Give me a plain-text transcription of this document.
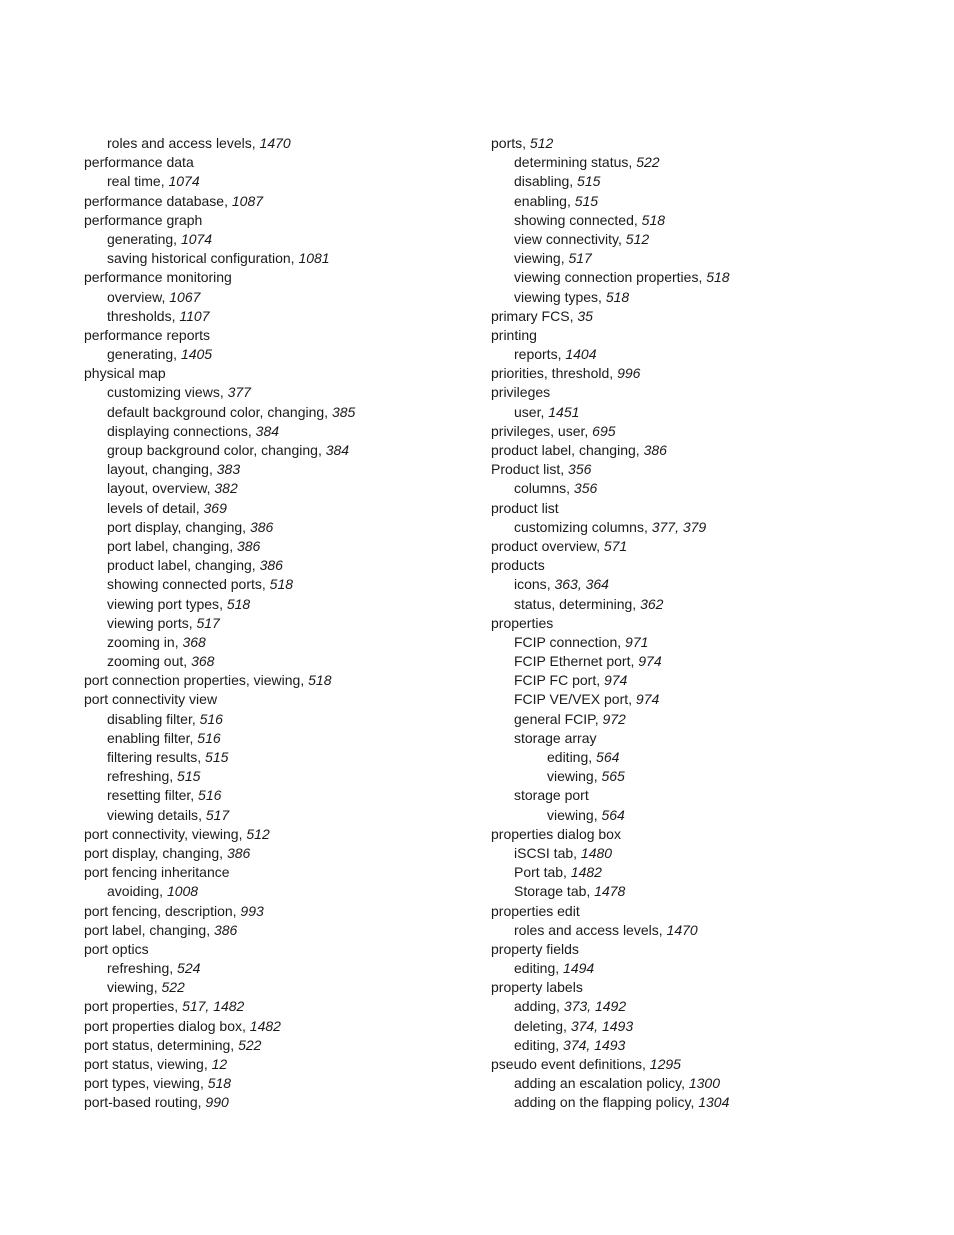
roles and access levels, 1470
performance data
real time, 1074
performance database, 1087
performance graph
generating, 1074
saving historical configuration, 1081
performance monitoring
overview, 1067
thresholds, 1107
performance reports
generating, 1405
physical map
customizing views, 377
default background color, changing, 385
displaying connections, 384
group background color, changing, 384
layout, changing, 383
layout, overview, 382
levels of detail, 369
port display, changing, 386
port label, changing, 386
product label, changing, 386
showing connected ports, 518
viewing port types, 518
viewing ports, 517
zooming in, 368
zooming out, 368
port connection properties, viewing, 518
port connectivity view
disabling filter, 516
enabling filter, 516
filtering results, 515
refreshing, 515
resetting filter, 516
viewing details, 517
port connectivity, viewing, 512
port display, changing, 386
port fencing inheritance
avoiding, 1008
port fencing, description, 993
port label, changing, 386
port optics
refreshing, 524
viewing, 522
port properties, 517, 1482
port properties dialog box, 1482
port status, determining, 522
port status, viewing, 12
port types, viewing, 518
port-based routing, 990
ports, 512
determining status, 522
disabling, 515
enabling, 515
showing connected, 518
view connectivity, 512
viewing, 517
viewing connection properties, 518
viewing types, 518
primary FCS, 35
printing
reports, 1404
priorities, threshold, 996
privileges
user, 1451
privileges, user, 695
product label, changing, 386
Product list, 356
columns, 356
product list
customizing columns, 377, 379
product overview, 571
products
icons, 363, 364
status, determining, 362
properties
FCIP connection, 971
FCIP Ethernet port, 974
FCIP FC port, 974
FCIP VE/VEX port, 974
general FCIP, 972
storage array
editing, 564
viewing, 565
storage port
viewing, 564
properties dialog box
iSCSI tab, 1480
Port tab, 1482
Storage tab, 1478
properties edit
roles and access levels, 1470
property fields
editing, 1494
property labels
adding, 373, 1492
deleting, 374, 1493
editing, 374, 1493
pseudo event definitions, 1295
adding an escalation policy, 1300
adding on the flapping policy, 1304
